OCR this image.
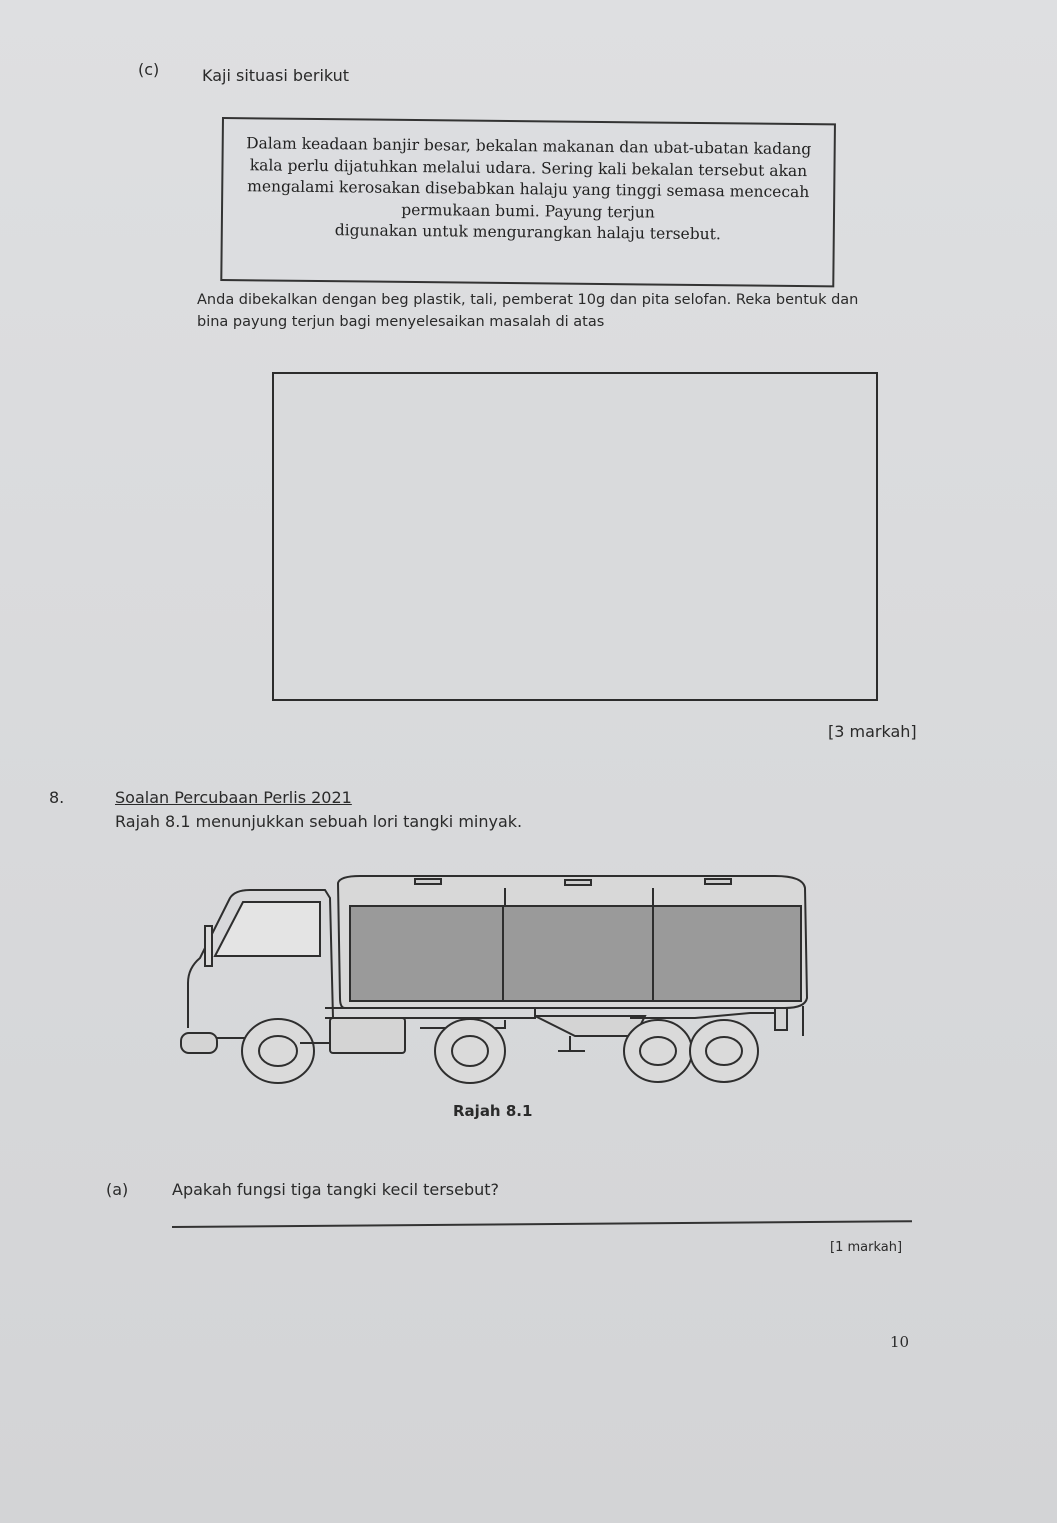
(c)	Kaji situasi berikut
Dalam keadaan banjir besar, bekalan makanan dan ubat-ubatan kadang
kala perlu dijatuhkan melalui udara. Sering kali bekalan tersebut akan
mengalami kerosakan disebabkan halaju yang tinggi semasa mencecah
permukaan bumi. Payung terjun
digunakan untuk mengurangkan halaju tersebut.
Anda dibekalkan dengan beg plastik, tali, pemberat 10g dan pita selofan. Reka bentuk dan
bina payung terjun bagi menyelesaikan masalah di atas
[3 markah]
8.	Soalan Percubaan Perlis 2021
Rajah 8.1 menunjukkan sebuah lori tangki minyak.
Rajah 8.1
(a)	Apakah fungsi tiga tangki kecil tersebut?
[1 markah]
10
